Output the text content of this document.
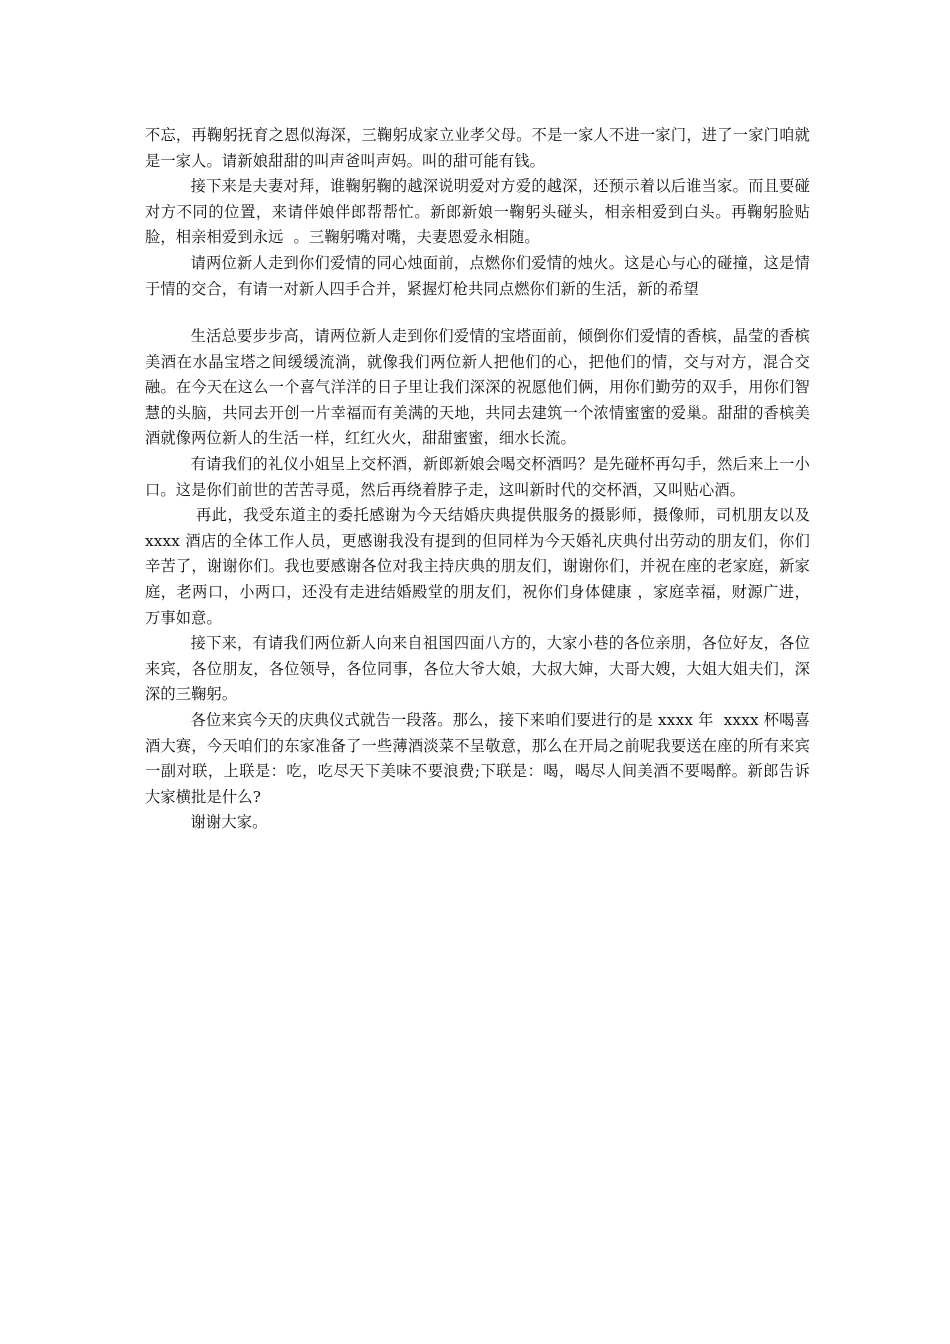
不忘，再鞠躬抚育之恩似海深，三鞠躬成家立业孝父母。不是一家人不进一家门，进了一家门咱就是一家人。请新娘甜甜的叫声爸叫声妈。叫的甜可能有钱。

接下来是夫妻对拜，谁鞠躬鞠的越深说明爱对方爱的越深，还预示着以后谁当家。而且要碰对方不同的位置，来请伴娘伴郎帮帮忙。新郎新娘一鞠躬头碰头，相亲相爱到白头。再鞠躬脸贴脸，相亲相爱到永远  。三鞠躬嘴对嘴，夫妻恩爱永相随。

请两位新人走到你们爱情的同心烛面前，点燃你们爱情的烛火。这是心与心的碰撞，这是情于情的交合，有请一对新人四手合并，紧握灯枪共同点燃你们新的生活，新的希望

生活总要步步高，请两位新人走到你们爱情的宝塔面前，倾倒你们爱情的香槟，晶莹的香槟美酒在水晶宝塔之间缓缓流淌，就像我们两位新人把他们的心，把他们的情，交与对方，混合交融。在今天在这么一个喜气洋洋的日子里让我们深深的祝愿他们俩，用你们勤劳的双手，用你们智慧的头脑，共同去开创一片幸福而有美满的天地，共同去建筑一个浓情蜜蜜的爱巢。甜甜的香槟美酒就像两位新人的生活一样，红红火火，甜甜蜜蜜，细水长流。

有请我们的礼仪小姐呈上交杯酒，新郎新娘会喝交杯酒吗？是先碰杯再勾手，然后来上一小口。这是你们前世的苦苦寻觅，然后再绕着脖子走，这叫新时代的交杯酒，又叫贴心酒。

再此，我受东道主的委托感谢为今天结婚庆典提供服务的摄影师，摄像师，司机朋友以及 xxxx 酒店的全体工作人员，更感谢我没有提到的但同样为今天婚礼庆典付出劳动的朋友们，你们辛苦了，谢谢你们。我也要感谢各位对我主持庆典的朋友们，谢谢你们，并祝在座的老家庭，新家庭，老两口，小两口，还没有走进结婚殿堂的朋友们，祝你们身体健康 ，家庭幸福，财源广进，万事如意。

接下来，有请我们两位新人向来自祖国四面八方的，大家小巷的各位亲朋，各位好友，各位来宾，各位朋友，各位领导，各位同事，各位大爷大娘，大叔大婶，大哥大嫂，大姐大姐夫们，深深的三鞠躬。

各位来宾今天的庆典仪式就告一段落。那么，接下来咱们要进行的是 xxxx 年  xxxx 杯喝喜酒大赛，今天咱们的东家准备了一些薄酒淡菜不呈敬意，那么在开局之前呢我要送在座的所有来宾一副对联，上联是：吃，吃尽天下美味不要浪费;下联是：喝，喝尽人间美酒不要喝醉。新郎告诉大家横批是什么?

谢谢大家。
